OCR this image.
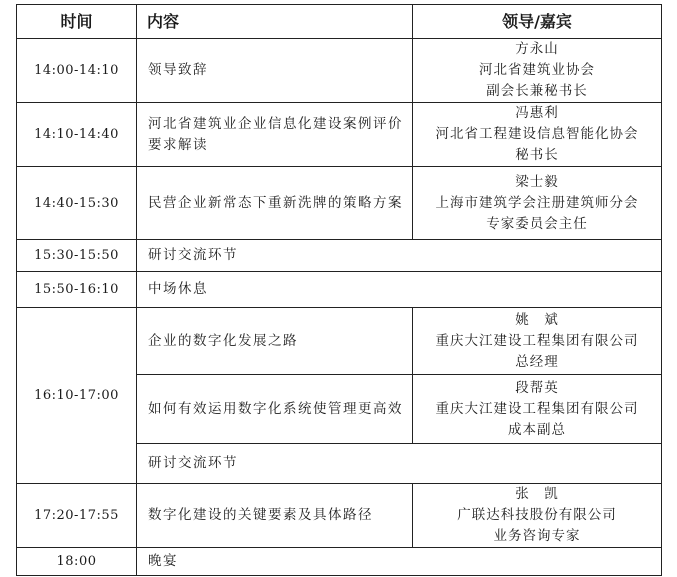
时间	内容	领导/嘉宾
14:00-14:10	领导致辞	方永山
河北省建筑业协会
副会长兼秘书长

14:10-14:40	河北省建筑业企业信息化建设案例评价要求解读	冯惠利
河北省工程建设信息智能化协会
秘书长

14:40-15:30	民营企业新常态下重新洗牌的策略方案	梁士毅
上海市建筑学会注册建筑师分会
专家委员会主任

15:30-15:50	研讨交流环节	
15:50-16:10	中场休息	
16:10-17:00	企业的数字化发展之路	姚　斌
重庆大江建设工程集团有限公司
总经理

	如何有效运用数字化系统使管理更高效	段帮英
重庆大江建设工程集团有限公司
成本副总

	研讨交流环节	
17:20-17:55	数字化建设的关键要素及具体路径	张　凯
广联达科技股份有限公司
业务咨询专家

18:00	晚宴	
